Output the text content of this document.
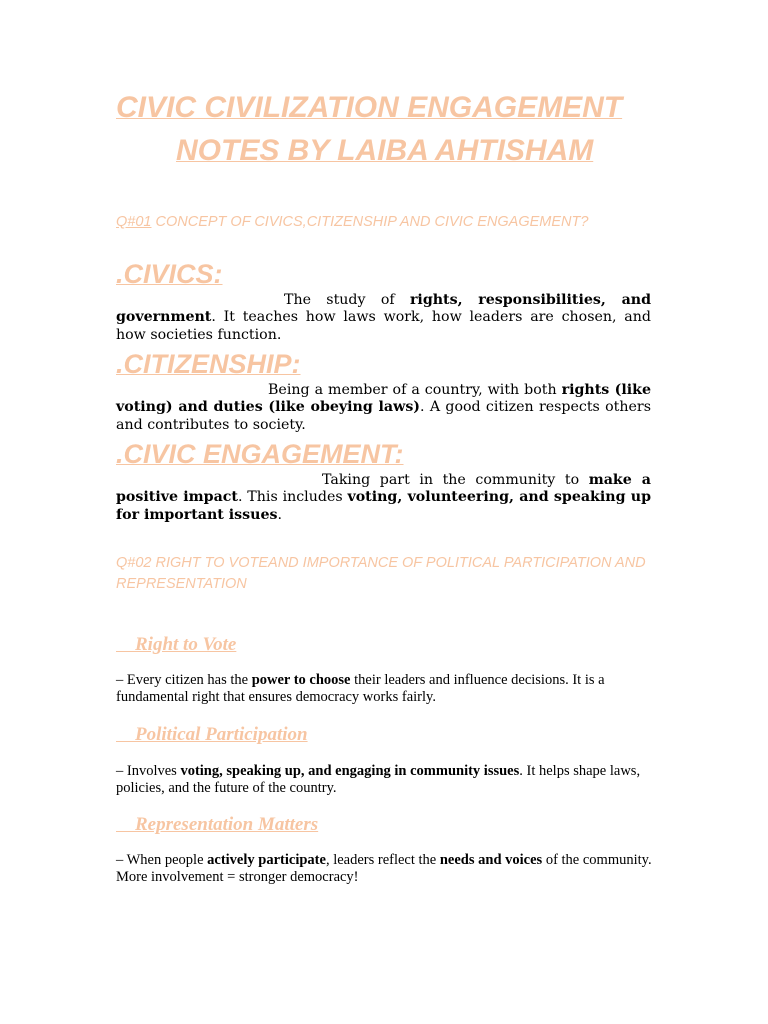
CIVIC CIVILIZATION ENGAGEMENT
NOTES BY LAIBA AHTISHAM

Q#01 CONCEPT OF CIVICS,CITIZENSHIP AND CIVIC ENGAGEMENT?

.CIVICS:

The study of rights, responsibilities, and government. It teaches how laws work, how leaders are chosen, and how societies function.

.CITIZENSHIP:

Being a member of a country, with both rights (like voting) and duties (like obeying laws). A good citizen respects others and contributes to society.

.CIVIC ENGAGEMENT:

Taking part in the community to make a positive impact. This includes voting, volunteering, and speaking up for important issues.

Q#02 RIGHT TO VOTEAND IMPORTANCE OF POLITICAL PARTICIPATION AND REPRESENTATION

Right to Vote

– Every citizen has the power to choose their leaders and influence decisions. It is a fundamental right that ensures democracy works fairly.

Political Participation

– Involves voting, speaking up, and engaging in community issues. It helps shape laws, policies, and the future of the country.

Representation Matters

– When people actively participate, leaders reflect the needs and voices of the community. More involvement = stronger democracy!
